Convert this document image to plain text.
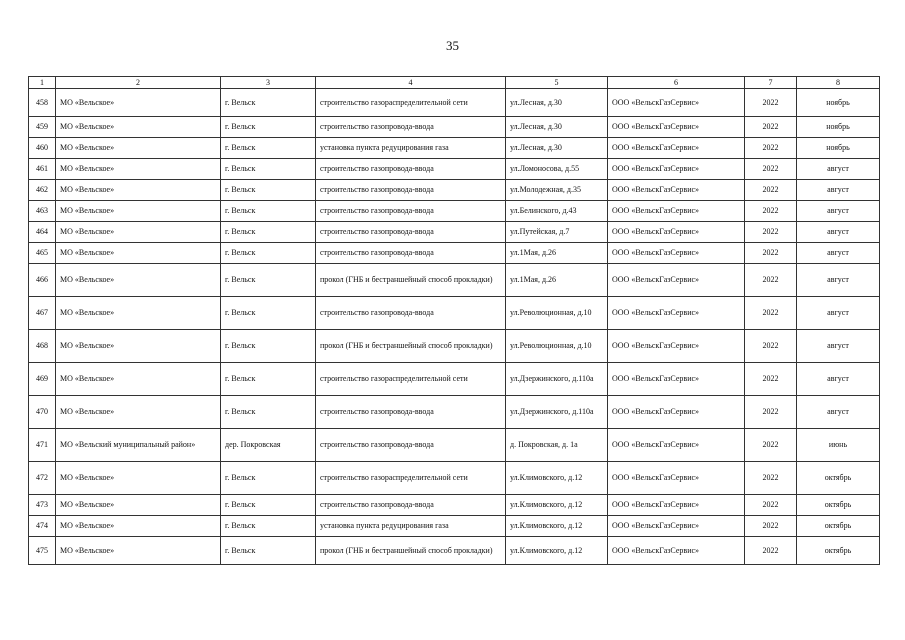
35
1	2	3	4	5	6	7	8
458	МО «Вельское»	г. Вельск	строительство газораспределительной сети	ул.Лесная, д.30	ООО «ВельскГазСервис»	2022	ноябрь
459	МО «Вельское»	г. Вельск	строительство газопровода-ввода	ул.Лесная, д.30	ООО «ВельскГазСервис»	2022	ноябрь
460	МО «Вельское»	г. Вельск	установка пункта редуцирования газа	ул.Лесная, д.30	ООО «ВельскГазСервис»	2022	ноябрь
461	МО «Вельское»	г. Вельск	строительство газопровода-ввода	ул.Ломоносова, д.55	ООО «ВельскГазСервис»	2022	август
462	МО «Вельское»	г. Вельск	строительство газопровода-ввода	ул.Молодежная, д.35	ООО «ВельскГазСервис»	2022	август
463	МО «Вельское»	г. Вельск	строительство газопровода-ввода	ул.Белинского, д.43	ООО «ВельскГазСервис»	2022	август
464	МО «Вельское»	г. Вельск	строительство газопровода-ввода	ул.Путейская, д.7	ООО «ВельскГазСервис»	2022	август
465	МО «Вельское»	г. Вельск	строительство газопровода-ввода	ул.1Мая, д.26	ООО «ВельскГазСервис»	2022	август
466	МО «Вельское»	г. Вельск	прокол (ГНБ и бестраншейный способ прокладки)	ул.1Мая, д.26	ООО «ВельскГазСервис»	2022	август
467	МО «Вельское»	г. Вельск	строительство газопровода-ввода	ул.Революционная, д.10	ООО «ВельскГазСервис»	2022	август
468	МО «Вельское»	г. Вельск	прокол (ГНБ и бестраншейный способ прокладки)	ул.Революционная, д.10	ООО «ВельскГазСервис»	2022	август
469	МО «Вельское»	г. Вельск	строительство газораспределительной сети	ул.Дзержинского, д.110а	ООО «ВельскГазСервис»	2022	август
470	МО «Вельское»	г. Вельск	строительство газопровода-ввода	ул.Дзержинского, д.110а	ООО «ВельскГазСервис»	2022	август
471	МО «Вельский муниципальный район»	дер. Покровская	строительство газопровода-ввода	д. Покровская, д. 1а	ООО «ВельскГазСервис»	2022	июнь
472	МО «Вельское»	г. Вельск	строительство газораспределительной сети	ул.Климовского, д.12	ООО «ВельскГазСервис»	2022	октябрь
473	МО «Вельское»	г. Вельск	строительство газопровода-ввода	ул.Климовского, д.12	ООО «ВельскГазСервис»	2022	октябрь
474	МО «Вельское»	г. Вельск	установка пункта редуцирования газа	ул.Климовского, д.12	ООО «ВельскГазСервис»	2022	октябрь
475	МО «Вельское»	г. Вельск	прокол (ГНБ и бестраншейный способ прокладки)	ул.Климовского, д.12	ООО «ВельскГазСервис»	2022	октябрь
